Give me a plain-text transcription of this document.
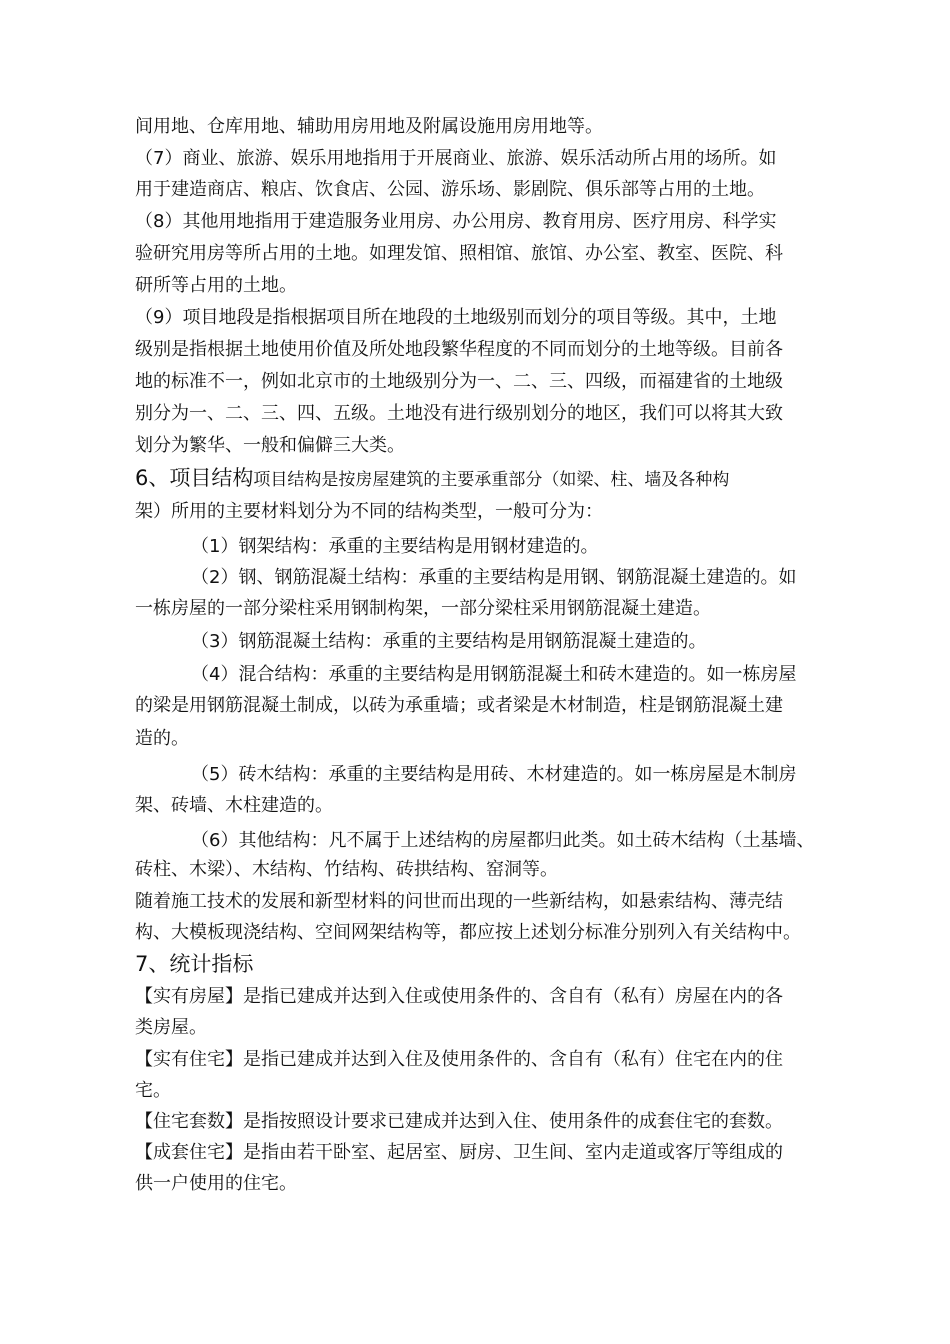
间用地、仓库用地、辅助用房用地及附属设施用房用地等。

（7）商业、旅游、娱乐用地指用于开展商业、旅游、娱乐活动所占用的场所。如

用于建造商店、粮店、饮食店、公园、游乐场、影剧院、俱乐部等占用的土地。

（8）其他用地指用于建造服务业用房、办公用房、教育用房、医疗用房、科学实

验研究用房等所占用的土地。如理发馆、照相馆、旅馆、办公室、教室、医院、科

研所等占用的土地。

（9）项目地段是指根据项目所在地段的土地级别而划分的项目等级。其中，土地

级别是指根据土地使用价值及所处地段繁华程度的不同而划分的土地等级。目前各

地的标准不一，例如北京市的土地级别分为一、二、三、四级，而福建省的土地级

别分为一、二、三、四、五级。土地没有进行级别划分的地区，我们可以将其大致

划分为繁华、一般和偏僻三大类。

6、项目结构项目结构是按房屋建筑的主要承重部分（如梁、柱、墙及各种构

架）所用的主要材料划分为不同的结构类型，一般可分为：

（1）钢架结构：承重的主要结构是用钢材建造的。

（2）钢、钢筋混凝土结构：承重的主要结构是用钢、钢筋混凝土建造的。如

一栋房屋的一部分梁柱采用钢制构架，一部分梁柱采用钢筋混凝土建造。

（3）钢筋混凝土结构：承重的主要结构是用钢筋混凝土建造的。

（4）混合结构：承重的主要结构是用钢筋混凝土和砖木建造的。如一栋房屋

的梁是用钢筋混凝土制成，以砖为承重墙；或者梁是木材制造，柱是钢筋混凝土建

造的。

（5）砖木结构：承重的主要结构是用砖、木材建造的。如一栋房屋是木制房

架、砖墙、木柱建造的。

（6）其他结构：凡不属于上述结构的房屋都归此类。如土砖木结构（土基墙、

砖柱、木梁）、木结构、竹结构、砖拱结构、窑洞等。

随着施工技术的发展和新型材料的问世而出现的一些新结构，如悬索结构、薄壳结

构、大模板现浇结构、空间网架结构等，都应按上述划分标准分别列入有关结构中。

7、统计指标

【实有房屋】是指已建成并达到入住或使用条件的、含自有（私有）房屋在内的各

类房屋。

【实有住宅】是指已建成并达到入住及使用条件的、含自有（私有）住宅在内的住

宅。

【住宅套数】是指按照设计要求已建成并达到入住、使用条件的成套住宅的套数。

【成套住宅】是指由若干卧室、起居室、厨房、卫生间、室内走道或客厅等组成的

供一户使用的住宅。
